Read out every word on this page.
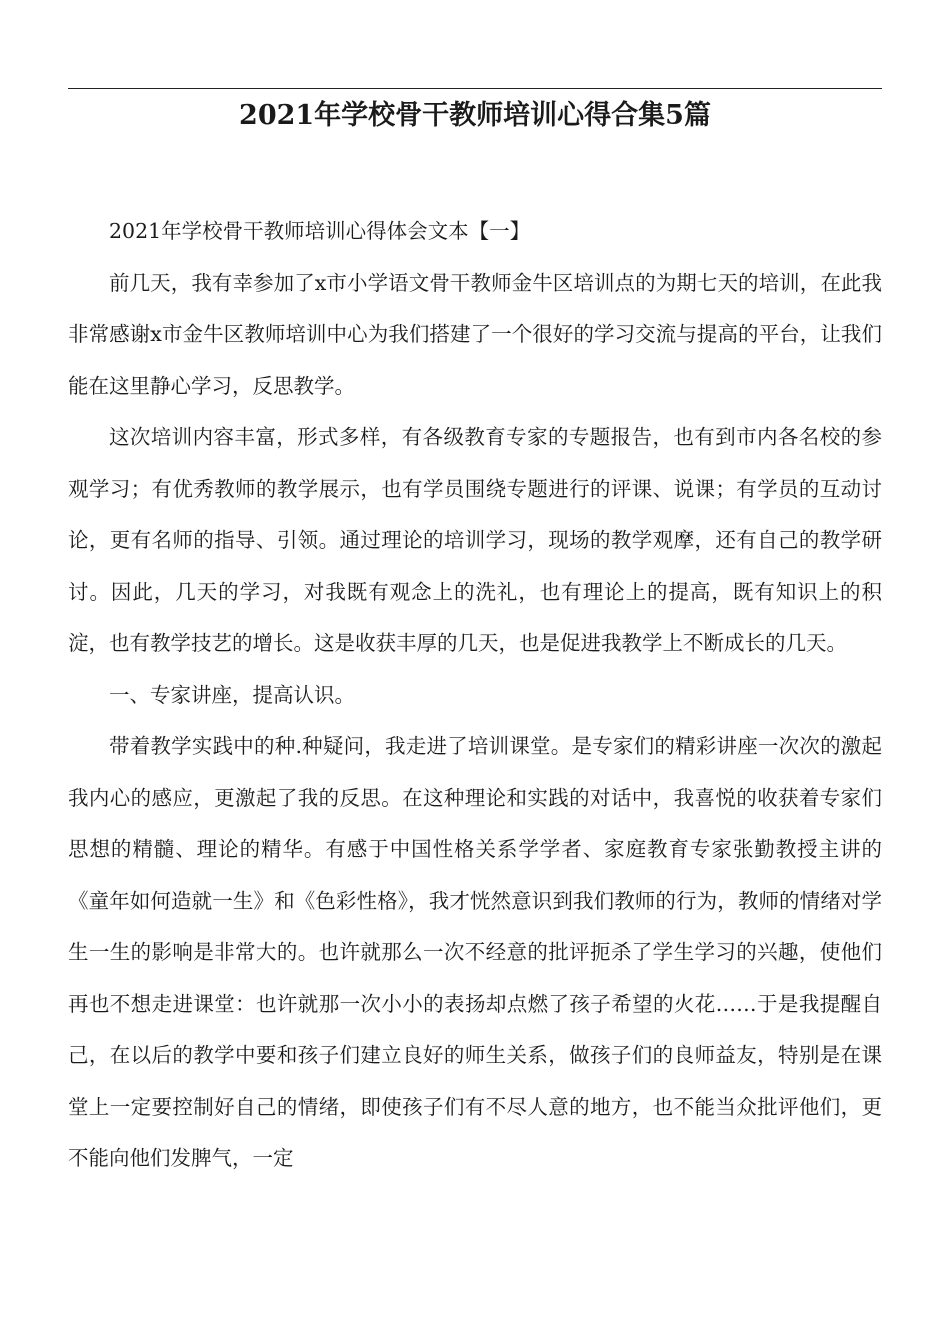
2021年学校骨干教师培训心得合集5篇

2021年学校骨干教师培训心得体会文本【一】

前几天，我有幸参加了x市小学语文骨干教师金牛区培训点的为期七天的培训，在此我非常感谢x市金牛区教师培训中心为我们搭建了一个很好的学习交流与提高的平台，让我们能在这里静心学习，反思教学。

这次培训内容丰富，形式多样，有各级教育专家的专题报告，也有到市内各名校的参观学习；有优秀教师的教学展示，也有学员围绕专题进行的评课、说课；有学员的互动讨论，更有名师的指导、引领。通过理论的培训学习，现场的教学观摩，还有自己的教学研讨。因此，几天的学习，对我既有观念上的洗礼，也有理论上的提高，既有知识上的积淀，也有教学技艺的增长。这是收获丰厚的几天，也是促进我教学上不断成长的几天。

一、专家讲座，提高认识。

带着教学实践中的种.种疑问，我走进了培训课堂。是专家们的精彩讲座一次次的激起我内心的感应，更激起了我的反思。在这种理论和实践的对话中，我喜悦的收获着专家们思想的精髓、理论的精华。有感于中国性格关系学学者、家庭教育专家张勤教授主讲的《童年如何造就一生》和《色彩性格》，我才恍然意识到我们教师的行为，教师的情绪对学生一生的影响是非常大的。也许就那么一次不经意的批评扼杀了学生学习的兴趣，使他们再也不想走进课堂：也许就那一次小小的表扬却点燃了孩子希望的火花……于是我提醒自己，在以后的教学中要和孩子们建立良好的师生关系，做孩子们的良师益友，特别是在课堂上一定要控制好自己的情绪，即使孩子们有不尽人意的地方，也不能当众批评他们，更不能向他们发脾气，一定
